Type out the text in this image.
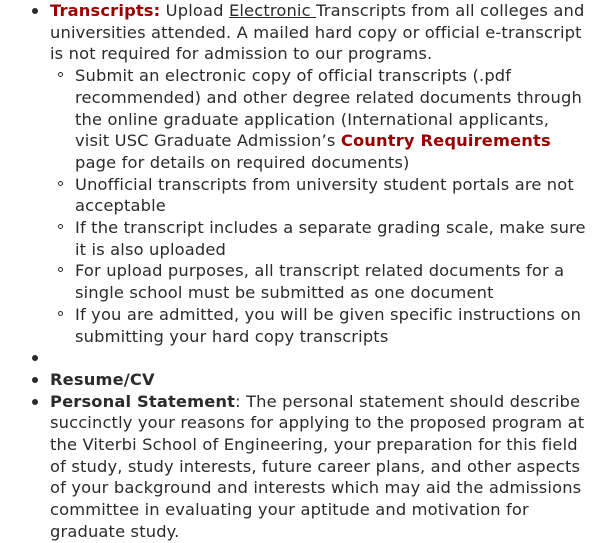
Transcripts: Upload Electronic Transcripts from all colleges and universities attended. A mailed hard copy or official e-transcript is not required for admission to our programs.
Submit an electronic copy of official transcripts (.pdf recommended) and other degree related documents through the online graduate application (International applicants, visit USC Graduate Admission’s Country Requirements page for details on required documents)
Unofficial transcripts from university student portals are not acceptable
If the transcript includes a separate grading scale, make sure it is also uploaded
For upload purposes, all transcript related documents for a single school must be submitted as one document
If you are admitted, you will be given specific instructions on submitting your hard copy transcripts
Resume/CV
Personal Statement: The personal statement should describe succinctly your reasons for applying to the proposed program at the Viterbi School of Engineering, your preparation for this field of study, study interests, future career plans, and other aspects of your background and interests which may aid the admissions committee in evaluating your aptitude and motivation for graduate study.
